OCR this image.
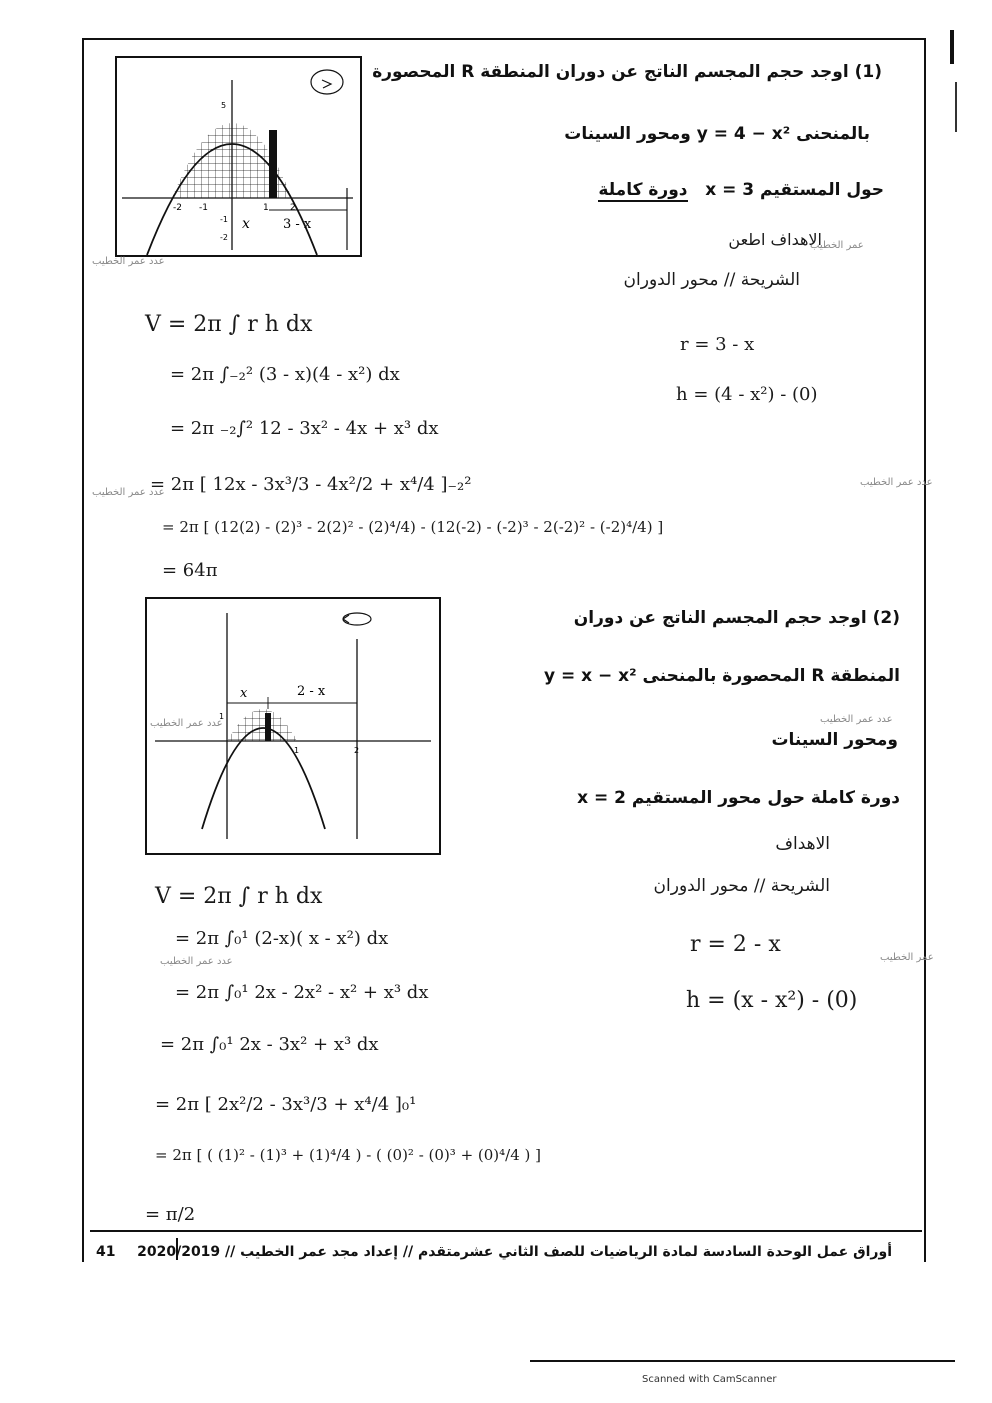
-2 -1	1 2
5
-1
-2
x	3 - x
عدد عمر الخطيب
(1) اوجد حجم المجسم الناتج عن دوران المنطقة R المحصورة
بالمنحنى y = 4 − x² ومحور السينات
حول المستقيم x = 3   دورة كاملة
الاهداف اطعن
عمر الخطيب
الشريحة // محور الدوران
V = 2π ∫ r h dx
= 2π ∫₋₂² (3 - x)(4 - x²) dx
= 2π ₋₂∫² 12 - 3x² - 4x + x³ dx
= 2π [ 12x - 3x³/3 - 4x²/2 + x⁴/4 ]₋₂²
= 2π [ (12(2) - (2)³ - 2(2)² - (2)⁴/4) - (12(-2) - (-2)³ - 2(-2)² - (-2)⁴/4) ]
= 64π
عدد عمر الخطيب
عدد عمر الخطيب
r = 3 - x
h = (4 - x²) - (0)
x	2 - x
1	2
1
عدد عمر الخطيب
(2) اوجد حجم المجسم الناتج عن دوران
المنطقة R المحصورة بالمنحنى y = x − x²
عدد عمر الخطيب
ومحور السينات
دورة كاملة حول محور المستقيم x = 2
الاهداف
الشريحة // محور الدوران
V = 2π ∫ r h dx
= 2π ∫₀¹ (2-x)( x - x²) dx
= 2π ∫₀¹ 2x - 2x² - x² + x³ dx
= 2π ∫₀¹ 2x - 3x² + x³ dx
= 2π [ 2x²/2 - 3x³/3 + x⁴/4 ]₀¹
= 2π [ ( (1)² - (1)³ + (1)⁴/4 ) - ( (0)² - (0)³ + (0)⁴/4 ) ]
= π/2
عدد عمر الخطيب	عمر الخطيب
r = 2 - x
h = (x - x²) - (0)
41 أوراق عمل الوحدة السادسة لمادة الرياضيات للصف الثاني عشرمتقدم // إعداد مجد عمر الخطيب // 2020/2019
Scanned with CamScanner
